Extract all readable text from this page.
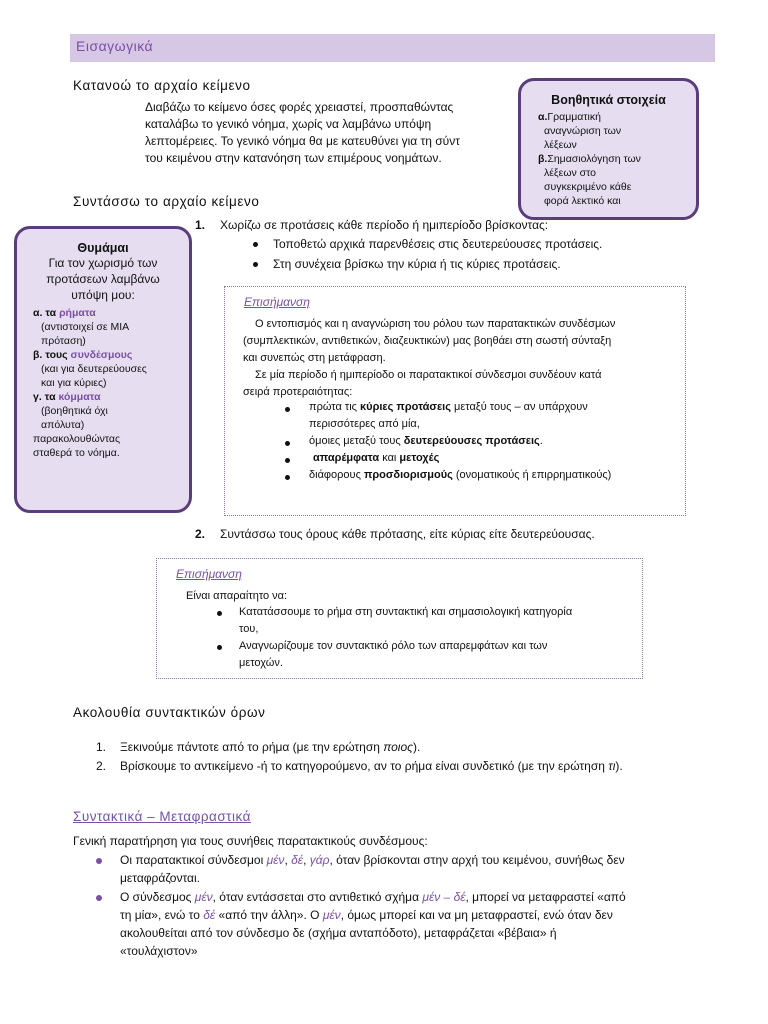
Εισαγωγικά
Κατανοώ το αρχαίο κείμενο
Διαβάζω το κείμενο όσες φορές χρειαστεί, προσπαθώντας
καταλάβω το γενικό νόημα, χωρίς να λαμβάνω υπόψη
λεπτομέρειες. Το γενικό νόημα θα με κατευθύνει για τη σύντ
του κειμένου στην κατανόηση των επιμέρους νοημάτων.
Βοηθητικά στοιχεία
α.Γραμματική
αναγνώριση των
λέξεων
β.Σημασιολόγηση των
λέξεων στο
συγκεκριμένο κάθε
φορά λεκτικό και
Συντάσσω το αρχαίο κείμενο
Θυμάμαι
Για τον χωρισμό των
προτάσεων λαμβάνω
υπόψη μου:
α. τα ρήματα
(αντιστοιχεί σε ΜΙΑ
πρόταση)
β. τους συνδέσμους
(και για δευτερεύουσες
και για κύριες)
γ. τα κόμματα
(βοηθητικά όχι
απόλυτα)
παρακολουθώντας
σταθερά το νόημα.
1. Χωρίζω σε προτάσεις κάθε περίοδο ή ημιπερίοδο βρίσκοντας:
Τοποθετώ αρχικά παρενθέσεις στις δευτερεύουσες προτάσεις.
Στη συνέχεια βρίσκω την κύρια ή τις κύριες προτάσεις.
Επισήμανση
Ο εντοπισμός και η αναγνώριση του ρόλου των παρατακτικών συνδέσμων
(συμπλεκτικών, αντιθετικών, διαζευκτικών) μας βοηθάει στη σωστή σύνταξη
και συνεπώς στη μετάφραση.
Σε μία περίοδο ή ημιπερίοδο οι παρατακτικοί σύνδεσμοι συνδέουν κατά
σειρά προτεραιότητας:
πρώτα τις κύριες προτάσεις μεταξύ τους – αν υπάρχουν
περισσότερες από μία,
όμοιες μεταξύ τους δευτερεύουσες προτάσεις.
απαρέμφατα και μετοχές
διάφορους προσδιορισμούς (ονοματικούς ή επιρρηματικούς)
2. Συντάσσω τους όρους κάθε πρότασης, είτε κύριας είτε δευτερεύουσας.
Επισήμανση
Είναι απαραίτητο να:
Κατατάσσουμε το ρήμα στη συντακτική και σημασιολογική κατηγορία
του,
Αναγνωρίζουμε τον συντακτικό ρόλο των απαρεμφάτων και των
μετοχών.
Ακολουθία συντακτικών όρων
1. Ξεκινούμε πάντοτε από το ρήμα (με την ερώτηση ποιος).
2. Βρίσκουμε το αντικείμενο -ή το κατηγορούμενο, αν το ρήμα είναι συνδετικό (με την ερώτηση τι).
Συντακτικά – Μεταφραστικά
Γενική παρατήρηση για τους συνήθεις παρατακτικούς συνδέσμους:
Οι παρατακτικοί σύνδεσμοι μέν, δέ, γάρ, όταν βρίσκονται στην αρχή του κειμένου, συνήθως δεν
μεταφράζονται.
Ο σύνδεσμος μέν, όταν εντάσσεται στο αντιθετικό σχήμα μέν – δέ, μπορεί να μεταφραστεί «από
τη μία», ενώ το δέ «από την άλλη». Ο μέν, όμως μπορεί και να μη μεταφραστεί, ενώ όταν δεν
ακολουθείται από τον σύνδεσμο δε (σχήμα ανταπόδοτο), μεταφράζεται «βέβαια» ή
«τουλάχιστον»
